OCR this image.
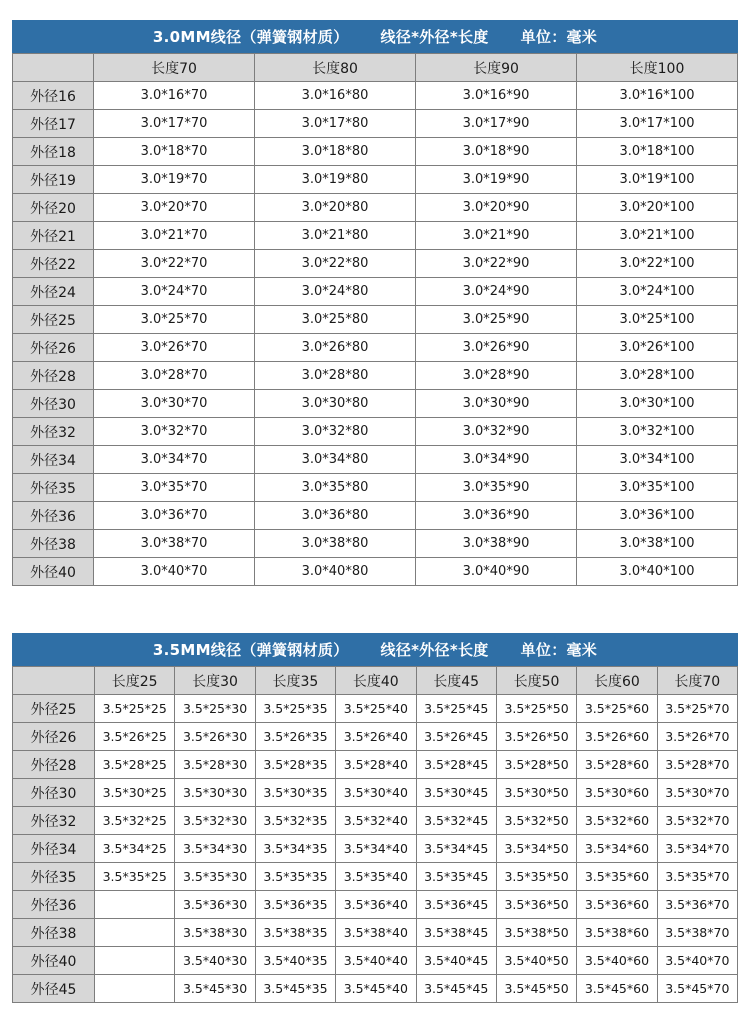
3.0MM线径（弹簧钢材质） 线径*外径*长度 单位：毫米
	长度70	长度80	长度90	长度100
外径16	3.0*16*70	3.0*16*80	3.0*16*90	3.0*16*100
外径17	3.0*17*70	3.0*17*80	3.0*17*90	3.0*17*100
外径18	3.0*18*70	3.0*18*80	3.0*18*90	3.0*18*100
外径19	3.0*19*70	3.0*19*80	3.0*19*90	3.0*19*100
外径20	3.0*20*70	3.0*20*80	3.0*20*90	3.0*20*100
外径21	3.0*21*70	3.0*21*80	3.0*21*90	3.0*21*100
外径22	3.0*22*70	3.0*22*80	3.0*22*90	3.0*22*100
外径24	3.0*24*70	3.0*24*80	3.0*24*90	3.0*24*100
外径25	3.0*25*70	3.0*25*80	3.0*25*90	3.0*25*100
外径26	3.0*26*70	3.0*26*80	3.0*26*90	3.0*26*100
外径28	3.0*28*70	3.0*28*80	3.0*28*90	3.0*28*100
外径30	3.0*30*70	3.0*30*80	3.0*30*90	3.0*30*100
外径32	3.0*32*70	3.0*32*80	3.0*32*90	3.0*32*100
外径34	3.0*34*70	3.0*34*80	3.0*34*90	3.0*34*100
外径35	3.0*35*70	3.0*35*80	3.0*35*90	3.0*35*100
外径36	3.0*36*70	3.0*36*80	3.0*36*90	3.0*36*100
外径38	3.0*38*70	3.0*38*80	3.0*38*90	3.0*38*100
外径40	3.0*40*70	3.0*40*80	3.0*40*90	3.0*40*100
3.5MM线径（弹簧钢材质） 线径*外径*长度 单位：毫米
	长度25	长度30	长度35	长度40	长度45	长度50	长度60	长度70
外径25	3.5*25*25	3.5*25*30	3.5*25*35	3.5*25*40	3.5*25*45	3.5*25*50	3.5*25*60	3.5*25*70
外径26	3.5*26*25	3.5*26*30	3.5*26*35	3.5*26*40	3.5*26*45	3.5*26*50	3.5*26*60	3.5*26*70
外径28	3.5*28*25	3.5*28*30	3.5*28*35	3.5*28*40	3.5*28*45	3.5*28*50	3.5*28*60	3.5*28*70
外径30	3.5*30*25	3.5*30*30	3.5*30*35	3.5*30*40	3.5*30*45	3.5*30*50	3.5*30*60	3.5*30*70
外径32	3.5*32*25	3.5*32*30	3.5*32*35	3.5*32*40	3.5*32*45	3.5*32*50	3.5*32*60	3.5*32*70
外径34	3.5*34*25	3.5*34*30	3.5*34*35	3.5*34*40	3.5*34*45	3.5*34*50	3.5*34*60	3.5*34*70
外径35	3.5*35*25	3.5*35*30	3.5*35*35	3.5*35*40	3.5*35*45	3.5*35*50	3.5*35*60	3.5*35*70
外径36		3.5*36*30	3.5*36*35	3.5*36*40	3.5*36*45	3.5*36*50	3.5*36*60	3.5*36*70
外径38		3.5*38*30	3.5*38*35	3.5*38*40	3.5*38*45	3.5*38*50	3.5*38*60	3.5*38*70
外径40		3.5*40*30	3.5*40*35	3.5*40*40	3.5*40*45	3.5*40*50	3.5*40*60	3.5*40*70
外径45		3.5*45*30	3.5*45*35	3.5*45*40	3.5*45*45	3.5*45*50	3.5*45*60	3.5*45*70
